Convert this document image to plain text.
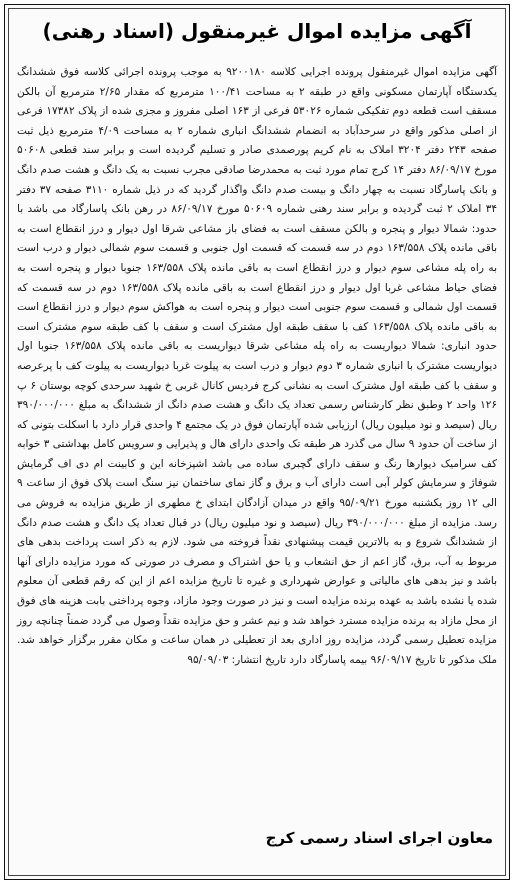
آگهی مزایده اموال غیرمنقول (اسناد رهنی)

آگهی مزایده اموال غیرمنقول پرونده اجرایی کلاسه ۹۲۰۰۱۸۰ به موجب پرونده اجرائی کلاسه فوق ششدانگ یکدستگاه آپارتمان مسکونی واقع در طبقه ۲ به مساحت ۱۰۰/۴۱ مترمربع که مقدار ۲/۶۵ مترمربع آن بالکن مسقف است قطعه دوم تفکیکی شماره ۵۳۰۲۶ فرعی از ۱۶۳ اصلی مفروز و مجزی شده از پلاک ۱۷۳۸۲ فرعی از اصلی مذکور واقع در سرحدآباد به انضمام ششدانگ انباری شماره ۲ به مساحت ۴/۰۹ مترمربع ذیل ثبت صفحه ۲۴۳ دفتر ۳۲۰۴ املاک به نام کریم پورصمدی صادر و تسلیم گردیده است و برابر سند قطعی ۵۰۶۰۸ مورخ ۸۶/۰۹/۱۷ دفتر ۱۴ کرج تمام مورد ثبت به محمدرضا صادقی مجرب نسبت به یک دانگ و هشت صدم دانگ و بانک پاسارگاد نسبت به چهار دانگ و بیست صدم دانگ واگذار گردید که در ذیل شماره ۳۱۱۰ صفحه ۳۷ دفتر ۳۴ املاک ۲ ثبت گردیده و برابر سند رهنی شماره ۵۰۶۰۹ مورخ ۸۶/۰۹/۱۷ در رهن بانک پاسارگاد می باشد با حدود: شمالا دیوار و پنجره و بالکن مسقف است به فضای باز مشاعی شرقا اول دیوار و درز انقطاع است به باقی مانده پلاک ۱۶۳/۵۵۸ دوم در سه قسمت که قسمت اول جنوبی و قسمت سوم شمالی دیوار و درب است به راه پله مشاعی سوم دیوار و درز انقطاع است به باقی مانده پلاک ۱۶۳/۵۵۸ جنوبا دیوار و پنجره است به فضای حیاط مشاعی غربا اول دیوار و درز انقطاع است به باقی مانده پلاک ۱۶۳/۵۵۸ دوم در سه قسمت که قسمت اول شمالی و قسمت سوم جنوبی است دیوار و پنجره است به هواکش سوم دیوار و درز انقطاع است به باقی مانده پلاک ۱۶۳/۵۵۸ کف با سقف طبقه اول مشترک است و سقف با کف طبقه سوم مشترک است حدود انباری: شمالا دیواریست به راه پله مشاعی شرقا دیواریست به باقی مانده پلاک ۱۶۳/۵۵۸ جنوبا اول دیواریست مشترک با انباری شماره ۳ دوم دیوار و درب است به پیلوت غربا دیواریست به پیلوت کف با پرعرصه و سقف با کف طبقه اول مشترک است به نشانی کرج فردیس کانال غربی خ شهید سرحدی کوچه بوستان ۶ پ ۱۲۶ واحد ۲ وطبق نظر کارشناس رسمی تعداد یک دانگ و هشت صدم دانگ از ششدانگ به مبلغ ۳۹۰/۰۰۰/۰۰۰ ریال (سیصد و نود میلیون ریال) ارزیابی شده آپارتمان فوق در یک مجتمع ۴ واحدی قرار دارد با اسکلت بتونی که از ساخت آن حدود ۹ سال می گذرد هر طبقه تک واحدی دارای هال و پذیرایی و سرویس کامل بهداشتی ۳ خوابه کف سرامیک دیوارها رنگ و سقف دارای گچبری ساده می باشد اشپزخانه این و کابینت ام دی اف گرمایش شوفاژ و سرمایش کولر آبی است دارای آب و برق و گاز نمای ساختمان نیز سنگ است پلاک فوق از ساعت ۹ الی ۱۲ روز یکشنبه مورخ ۹۵/۰۹/۲۱ واقع در میدان آزادگان ابتدای خ مطهری از طریق مزایده به فروش می رسد. مزایده از مبلغ ۳۹۰/۰۰۰/۰۰۰ ریال (سیصد و نود میلیون ریال) در قبال تعداد یک دانگ و هشت صدم دانگ از ششدانگ شروع و به بالاترین قیمت پیشنهادی نقداً فروخته می شود. لازم به ذکر است پرداخت بدهی های مربوط به آب، برق، گاز اعم از حق انشعاب و یا حق اشتراک و مصرف در صورتی که مورد مزایده دارای آنها باشد و نیز بدهی های مالیاتی و عوارض شهرداری و غیره تا تاریخ مزایده اعم از این که رقم قطعی آن معلوم شده یا نشده باشد به عهده برنده مزایده است و نیز در صورت وجود مازاد، وجوه پرداختی بابت هزینه های فوق از محل مازاد به برنده مزایده مسترد خواهد شد و نیم عشر و حق مزایده نقداً وصول می گردد ضمناً چنانچه روز مزایده تعطیل رسمی گردد، مزایده روز اداری بعد از تعطیلی در همان ساعت و مکان مقرر برگزار خواهد شد. ملک مذکور تا تاریخ ۹۶/۰۹/۱۷ بیمه پاسارگاد دارد تاریخ انتشار: ۹۵/۰۹/۰۳

معاون اجرای اسناد رسمی کرج
